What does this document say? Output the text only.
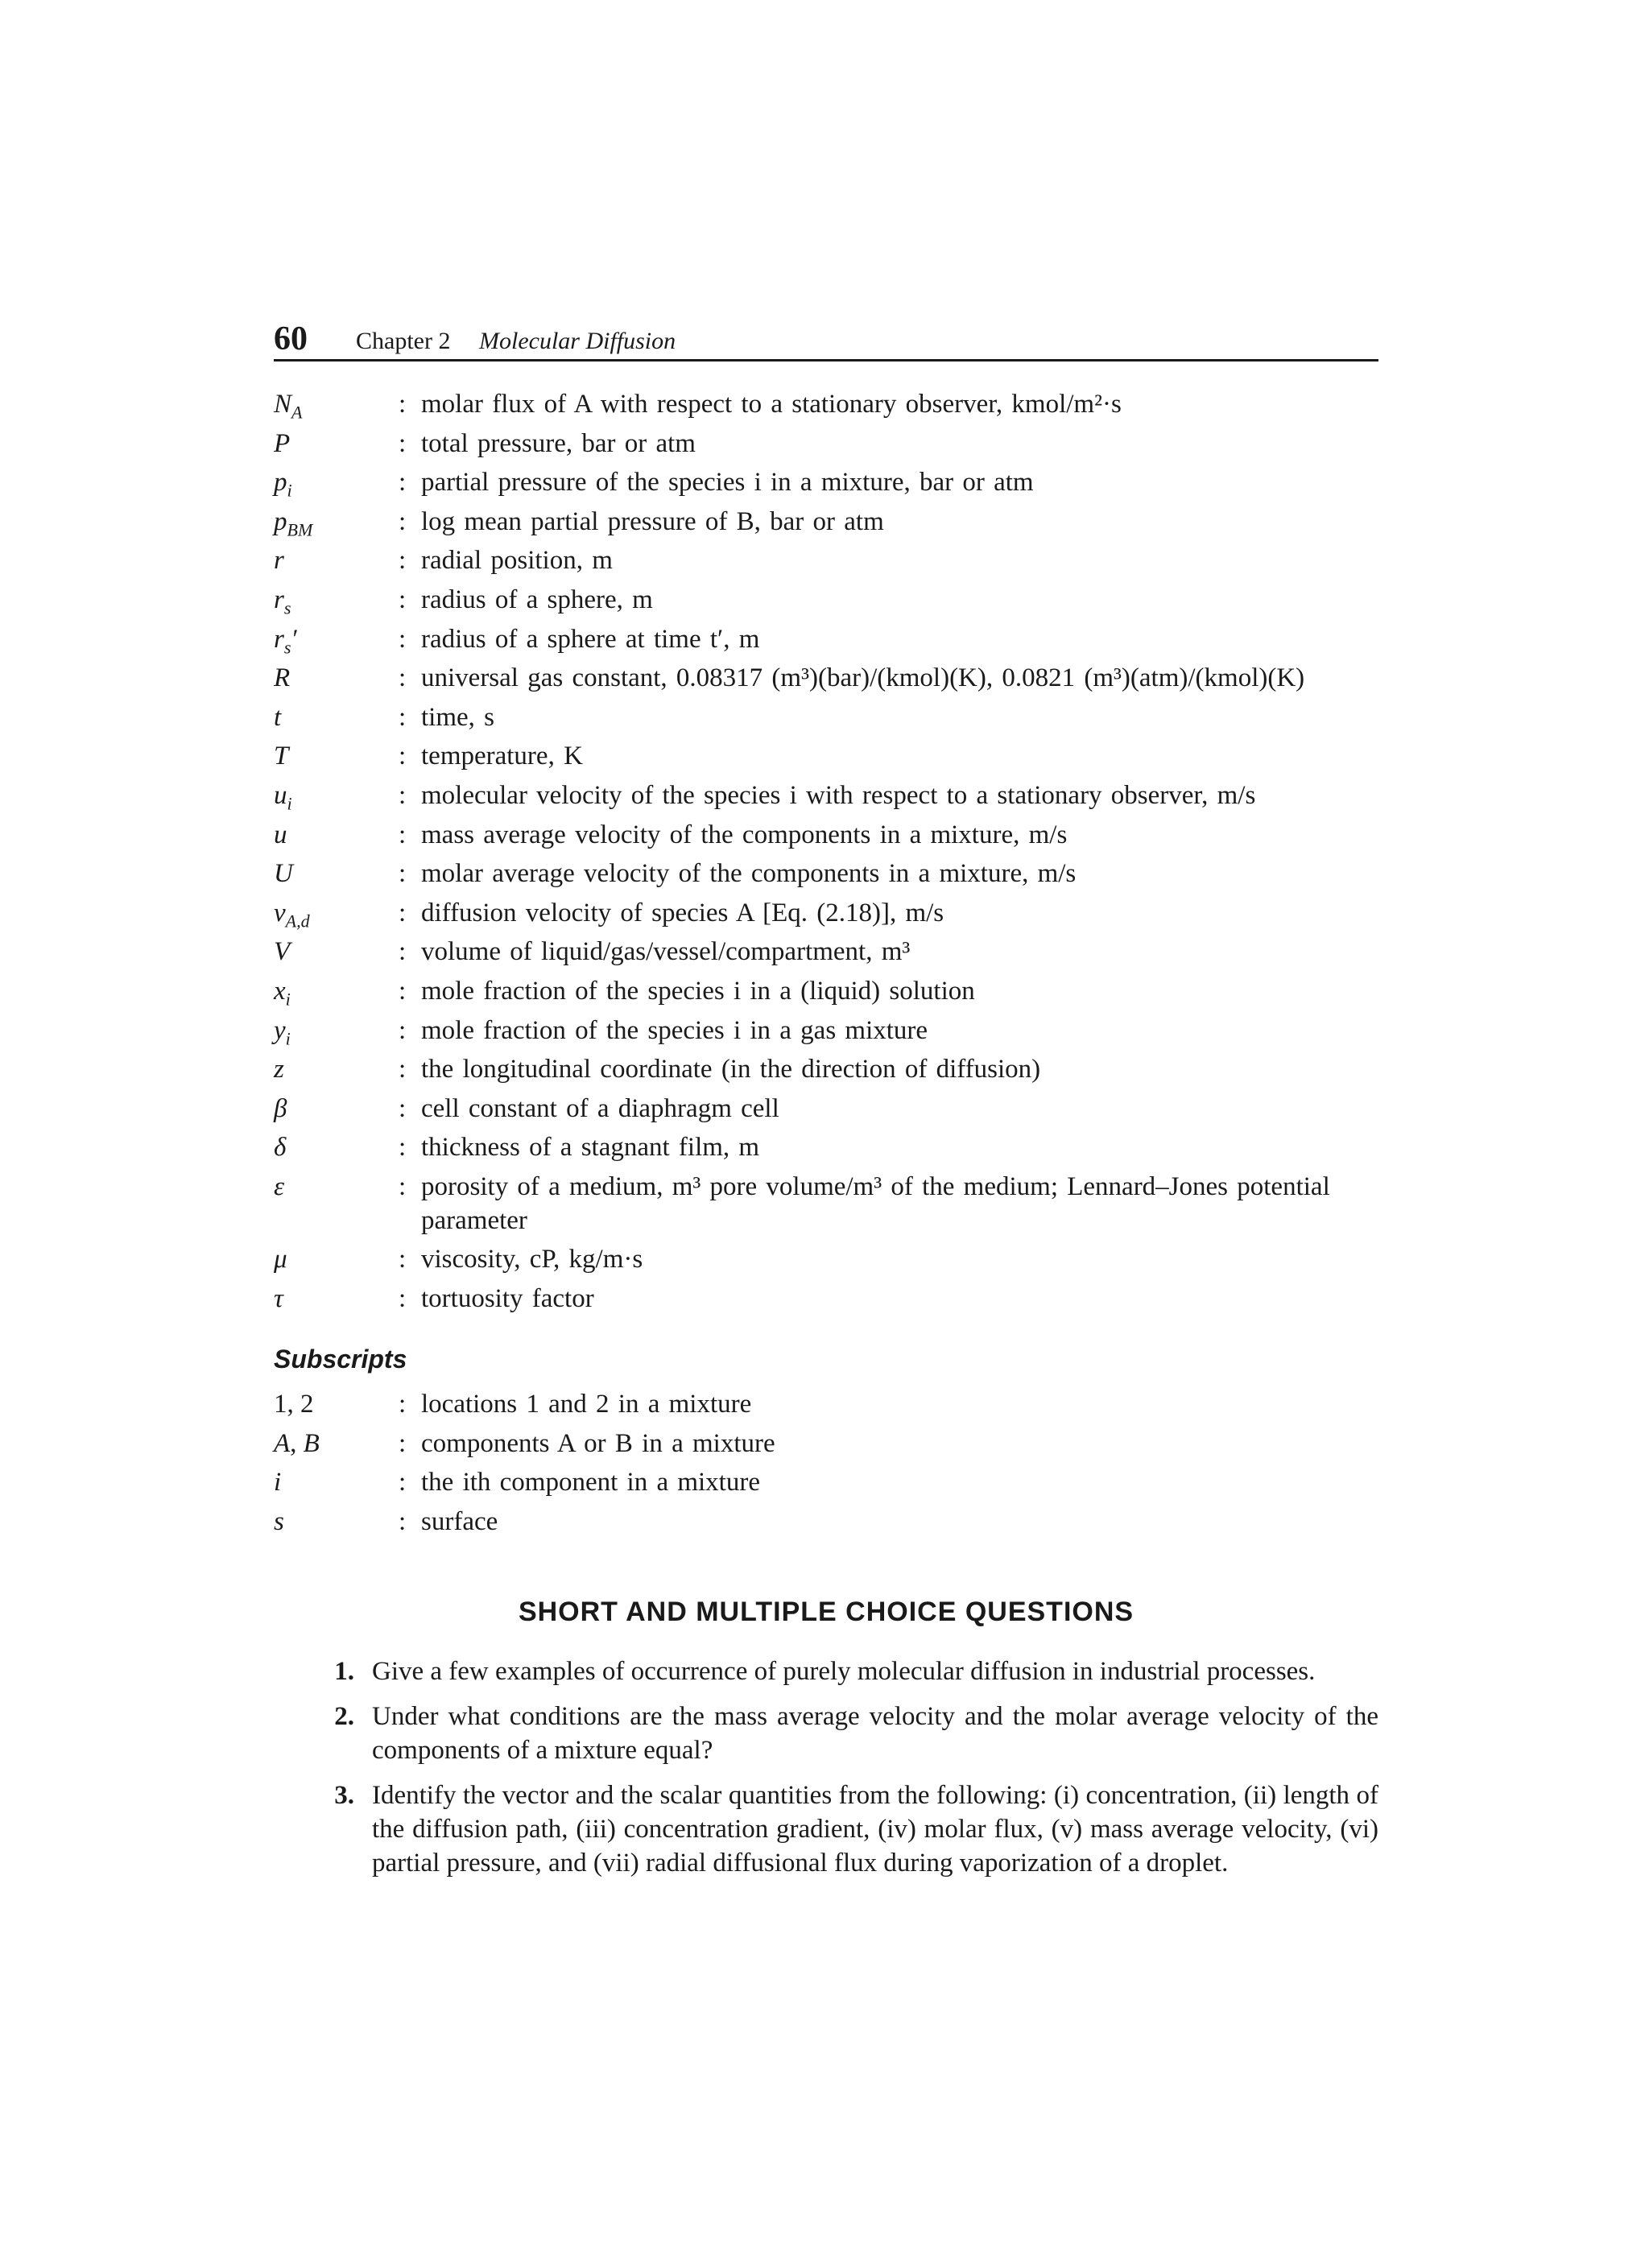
60 Chapter 2 Molecular Diffusion
$N_A$	: molar flux of A with respect to a stationary observer, kmol/m²·s
P	: total pressure, bar or atm
$p_i$	: partial pressure of the species i in a mixture, bar or atm
$p_{BM}$	: log mean partial pressure of B, bar or atm
r	: radial position, m
$r_s$	: radius of a sphere, m
$r_s'$	: radius of a sphere at time t′, m
R	: universal gas constant, 0.08317 (m³)(bar)/(kmol)(K), 0.0821 (m³)(atm)/(kmol)(K)
t	: time, s
T	: temperature, K
$u_i$	: molecular velocity of the species i with respect to a stationary observer, m/s
u	: mass average velocity of the components in a mixture, m/s
U	: molar average velocity of the components in a mixture, m/s
$v_{A,d}$	: diffusion velocity of species A [Eq. (2.18)], m/s
V	: volume of liquid/gas/vessel/compartment, m³
$x_i$	: mole fraction of the species i in a (liquid) solution
$y_i$	: mole fraction of the species i in a gas mixture
z	: the longitudinal coordinate (in the direction of diffusion)
β	: cell constant of a diaphragm cell
δ	: thickness of a stagnant film, m
ε	: porosity of a medium, m³ pore volume/m³ of the medium; Lennard–Jones potential parameter
μ	: viscosity, cP, kg/m·s
τ	: tortuosity factor
Subscripts
1, 2	: locations 1 and 2 in a mixture
A, B	: components A or B in a mixture
i	: the ith component in a mixture
s	: surface
SHORT AND MULTIPLE CHOICE QUESTIONS
1. Give a few examples of occurrence of purely molecular diffusion in industrial processes.
2. Under what conditions are the mass average velocity and the molar average velocity of the components of a mixture equal?
3. Identify the vector and the scalar quantities from the following: (i) concentration, (ii) length of the diffusion path, (iii) concentration gradient, (iv) molar flux, (v) mass average velocity, (vi) partial pressure, and (vii) radial diffusional flux during vaporization of a droplet.
